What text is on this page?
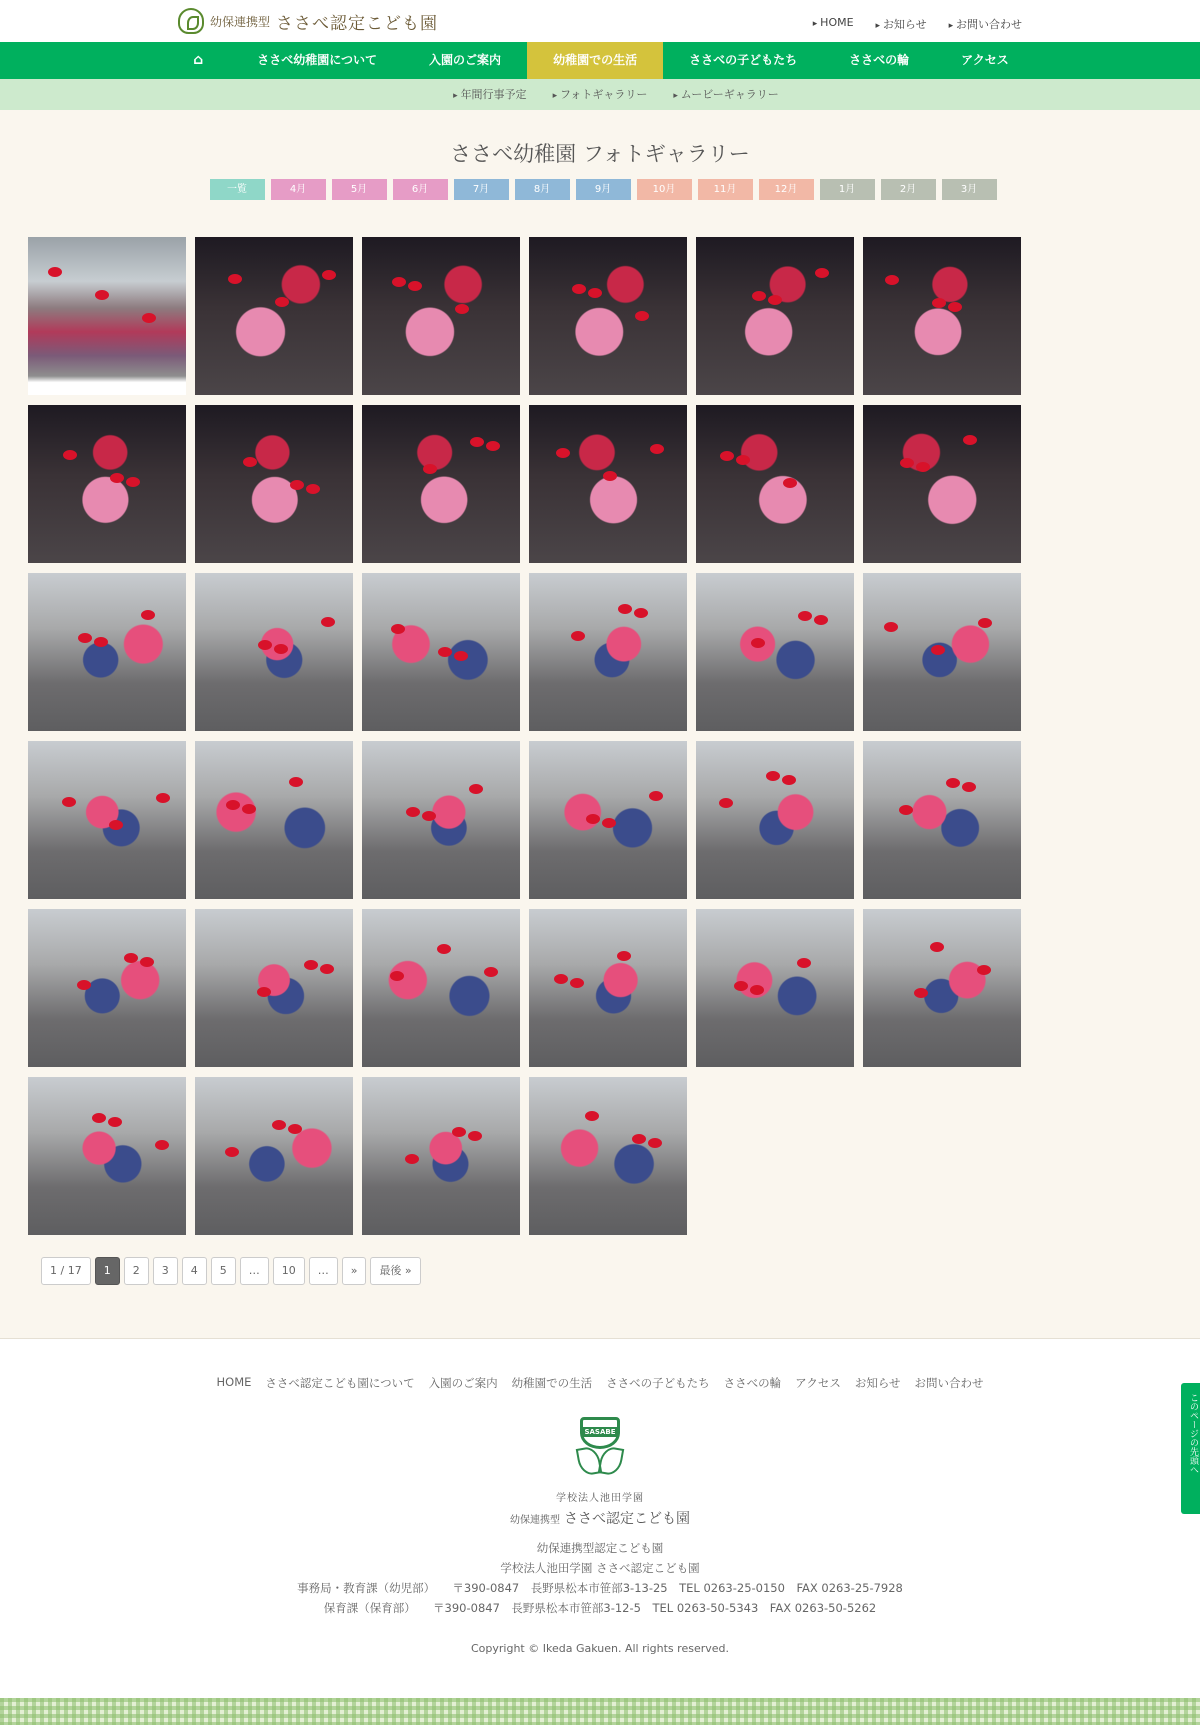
幼保連携型 ささべ認定こども園	▸ HOME	▸ お知らせ	▸ お問い合わせ
⌂	ささべ幼稚園について	入園のご案内	幼稚園での生活	ささべの子どもたち	ささべの輪	アクセス
▸ 年間行事予定	▸ フォトギャラリー	▸ ムービーギャラリー
ささべ幼稚園 フォトギャラリー
一覧	4月	5月	6月	7月	8月	9月	10月	11月	12月	1月	2月	3月
1 / 17	1	2	3	4	5	…	10	…	»	最後 »
HOME ささべ認定こども園について 入園のご案内 幼稚園での生活 ささべの子どもたち ささべの輪 アクセス お知らせ お問い合わせ
SASABE
学校法人池田学園
幼保連携型 ささべ認定こども園
幼保連携型認定こども園
学校法人池田学園 ささべ認定こども園
事務局・教育課（幼児部）　　〒390-0847　長野県松本市笹部3-13-25　TEL 0263-25-0150　FAX 0263-25-7928
保育課（保育部）　　〒390-0847　長野県松本市笹部3-12-5　TEL 0263-50-5343　FAX 0263-50-5262
Copyright © Ikeda Gakuen. All rights reserved.
このページの先頭へ
